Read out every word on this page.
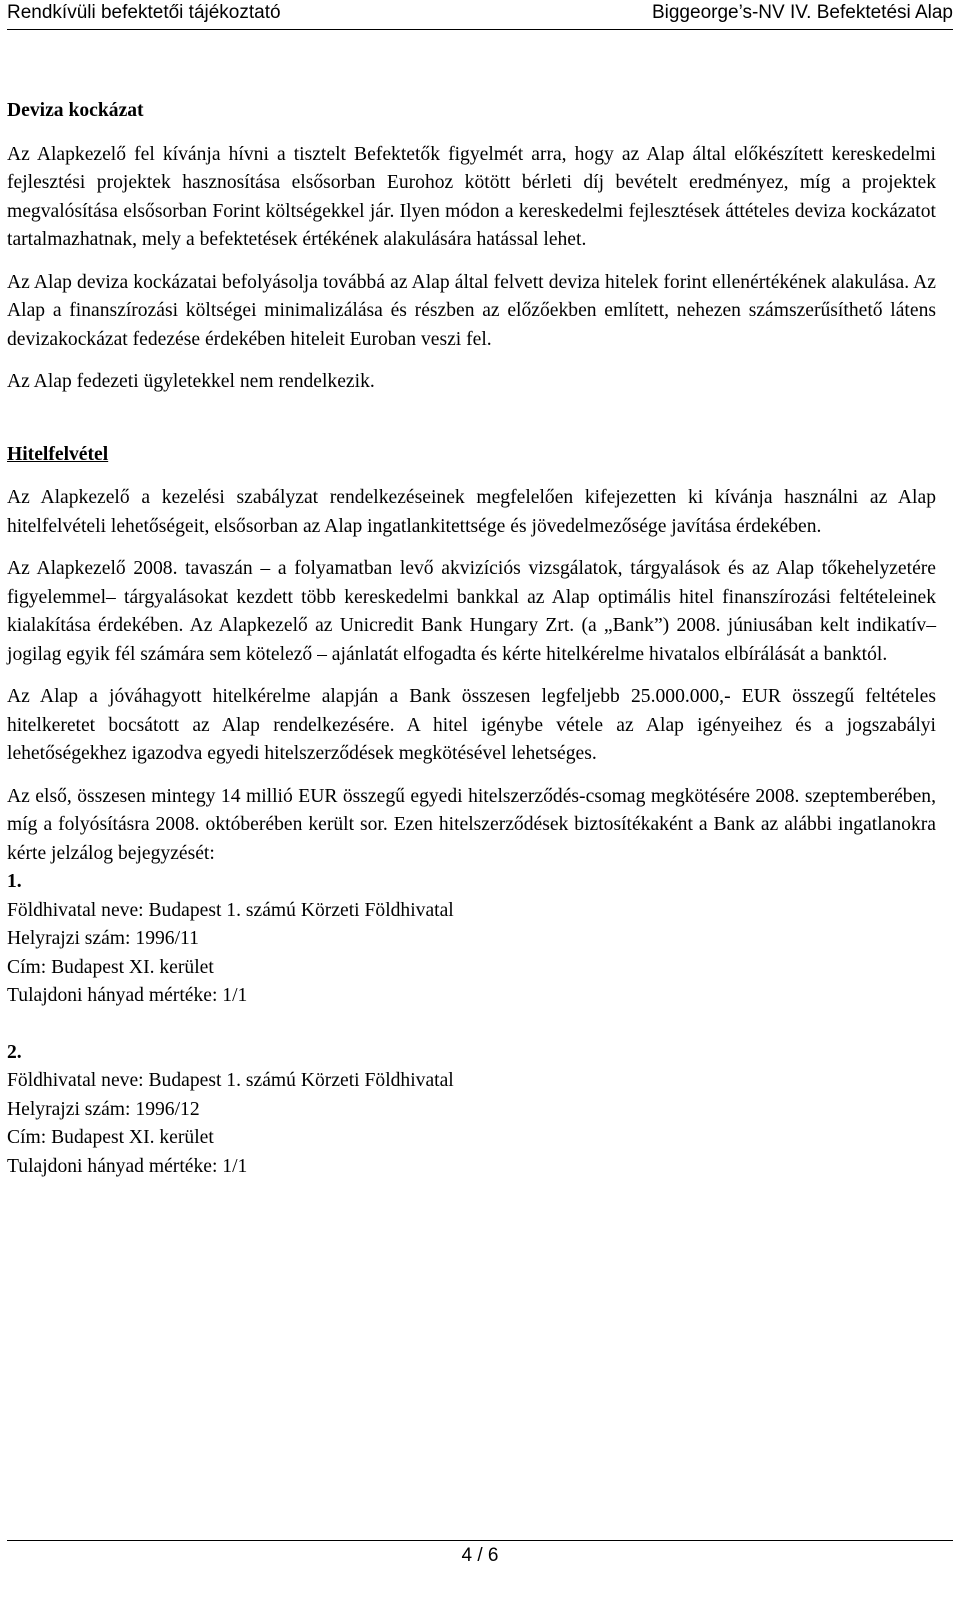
Rendkívüli befektetői tájékoztató	Biggeorge’s-NV IV. Befektetési Alap
Deviza kockázat

Az Alapkezelő fel kívánja hívni a tisztelt Befektetők figyelmét arra, hogy az Alap által előkészített kereskedelmi fejlesztési projektek hasznosítása elsősorban Eurohoz kötött bérleti díj bevételt eredményez, míg a projektek megvalósítása elsősorban Forint költségekkel jár. Ilyen módon a kereskedelmi fejlesztések áttételes deviza kockázatot tartalmazhatnak, mely a befektetések értékének alakulására hatással lehet.

Az Alap deviza kockázatai befolyásolja továbbá az Alap által felvett deviza hitelek forint ellenértékének alakulása. Az Alap a finanszírozási költségei minimalizálása és részben az előzőekben említett, nehezen számszerűsíthető látens devizakockázat fedezése érdekében hiteleit Euroban veszi fel.

Az Alap fedezeti ügyletekkel nem rendelkezik.

Hitelfelvétel

Az Alapkezelő a kezelési szabályzat rendelkezéseinek megfelelően kifejezetten ki kívánja használni az Alap hitelfelvételi lehetőségeit, elsősorban az Alap ingatlankitettsége és jövedelmezősége javítása érdekében.

Az Alapkezelő 2008. tavaszán – a folyamatban levő akvizíciós vizsgálatok, tárgyalások és az Alap tőkehelyzetére figyelemmel– tárgyalásokat kezdett több kereskedelmi bankkal az Alap optimális hitel finanszírozási feltételeinek kialakítása érdekében. Az Alapkezelő az Unicredit Bank Hungary Zrt. (a „Bank”) 2008. júniusában kelt indikatív– jogilag egyik fél számára sem kötelező – ajánlatát elfogadta és kérte hitelkérelme hivatalos elbírálását a banktól.

Az Alap a jóváhagyott hitelkérelme alapján a Bank összesen legfeljebb 25.000.000,- EUR összegű feltételes hitelkeretet bocsátott az Alap rendelkezésére. A hitel igénybe vétele az Alap igényeihez és a jogszabályi lehetőségekhez igazodva egyedi hitelszerződések megkötésével lehetséges.

Az első, összesen mintegy 14 millió EUR összegű egyedi hitelszerződés-csomag megkötésére 2008. szeptemberében, míg a folyósításra 2008. októberében került sor. Ezen hitelszerződések biztosítékaként a Bank az alábbi ingatlanokra kérte jelzálog bejegyzését:

1.
Földhivatal neve: Budapest 1. számú Körzeti Földhivatal
Helyrajzi szám: 1996/11
Cím: Budapest XI. kerület
Tulajdoni hányad mértéke: 1/1
2.
Földhivatal neve: Budapest 1. számú Körzeti Földhivatal
Helyrajzi szám: 1996/12
Cím: Budapest XI. kerület
Tulajdoni hányad mértéke: 1/1
4 / 6
